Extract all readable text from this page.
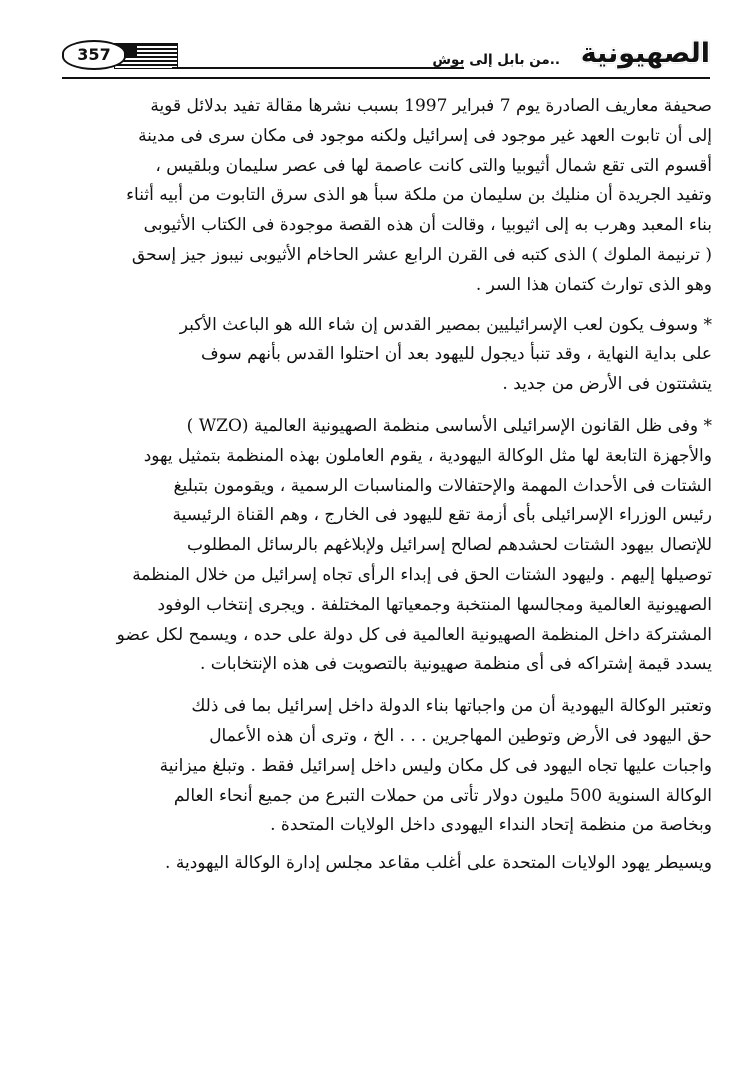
357	..من بابل إلى بوش الصهيونية

صحيفة معاريف الصادرة يوم 7 فبراير 1997 بسبب نشرها مقالة تفيد بدلائل قوية
إلى أن تابوت العهد غير موجود فى إسرائيل ولكنه موجود فى مكان سرى فى مدينة
أقسوم التى تقع شمال أثيوبيا والتى كانت عاصمة لها فى عصر سليمان وبلقيس ،
وتفيد الجريدة أن منليك بن سليمان من ملكة سبأ هو الذى سرق التابوت من أبيه أثناء
بناء المعبد وهرب به إلى اثيوبيا ، وقالت أن هذه القصة موجودة فى الكتاب الأثيوبى
( ترنيمة الملوك ) الذى كتبه فى القرن الرابع عشر الحاخام الأثيوبى نيبوز جيز إسحق
وهو الذى توارث كتمان هذا السر .

* وسوف يكون لعب الإسرائيليين بمصير القدس إن شاء الله هو الباعث الأكبر
على بداية النهاية ، وقد تنبأ ديجول لليهود بعد أن احتلوا القدس بأنهم سوف
يتشتتون فى الأرض من جديد .

* وفى ظل القانون الإسرائيلى الأساسى منظمة الصهيونية العالمية (WZO )
والأجهزة التابعة لها مثل الوكالة اليهودية ، يقوم العاملون بهذه المنظمة بتمثيل يهود
الشتات فى الأحداث المهمة والإحتفالات والمناسبات الرسمية ، ويقومون بتبليغ
رئيس الوزراء الإسرائيلى بأى أزمة تقع لليهود فى الخارج ، وهم القناة الرئيسية
للإتصال بيهود الشتات لحشدهم لصالح إسرائيل ولإبلاغهم بالرسائل المطلوب
توصيلها إليهم . وليهود الشتات الحق فى إبداء الرأى تجاه إسرائيل من خلال المنظمة
الصهيونية العالمية ومجالسها المنتخبة وجمعياتها المختلفة . ويجرى إنتخاب الوفود
المشتركة داخل المنظمة الصهيونية العالمية فى كل دولة على حده ، ويسمح لكل عضو
يسدد قيمة إشتراكه فى أى منظمة صهيونية بالتصويت فى هذه الإنتخابات .

وتعتبر الوكالة اليهودية أن من واجباتها بناء الدولة داخل إسرائيل بما فى ذلك
حق اليهود فى الأرض وتوطين المهاجرين . . . الخ ، وترى أن هذه الأعمال
واجبات عليها تجاه اليهود فى كل مكان وليس داخل إسرائيل فقط . وتبلغ ميزانية
الوكالة السنوية 500 مليون دولار تأتى من حملات التبرع من جميع أنحاء العالم
وبخاصة من منظمة إتحاد النداء اليهودى داخل الولايات المتحدة .

ويسيطر يهود الولايات المتحدة على أغلب مقاعد مجلس إدارة الوكالة اليهودية .
